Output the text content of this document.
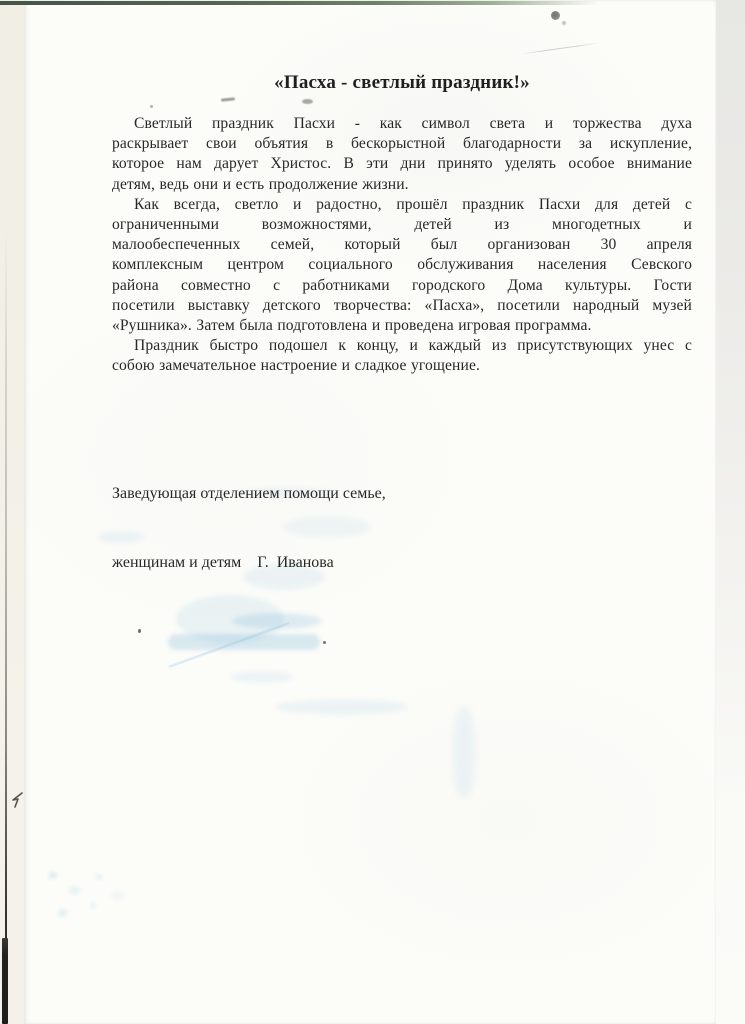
«Пасха - светлый праздник!»
Светлый праздник Пасхи - как символ света и торжества духа
раскрывает свои объятия в бескорыстной благодарности за искупление,
которое нам дарует Христос. В эти дни принято уделять особое внимание
детям, ведь они и есть продолжение жизни.
Как всегда, светло и радостно, прошёл праздник Пасхи для детей с
ограниченными возможностями, детей из многодетных и
малообеспеченных семей, который был организован 30 апреля
комплексным центром социального обслуживания населения Севского
района совместно с работниками городского Дома культуры. Гости
посетили выставку детского творчества: «Пасха», посетили народный музей
«Рушника». Затем была подготовлена и проведена игровая программа.
Праздник быстро подошел к концу, и каждый из присутствующих унес с
собою замечательное настроение и сладкое угощение.

Заведующая отделением помощи семье,

женщинам и детям    Г.  Иванова
